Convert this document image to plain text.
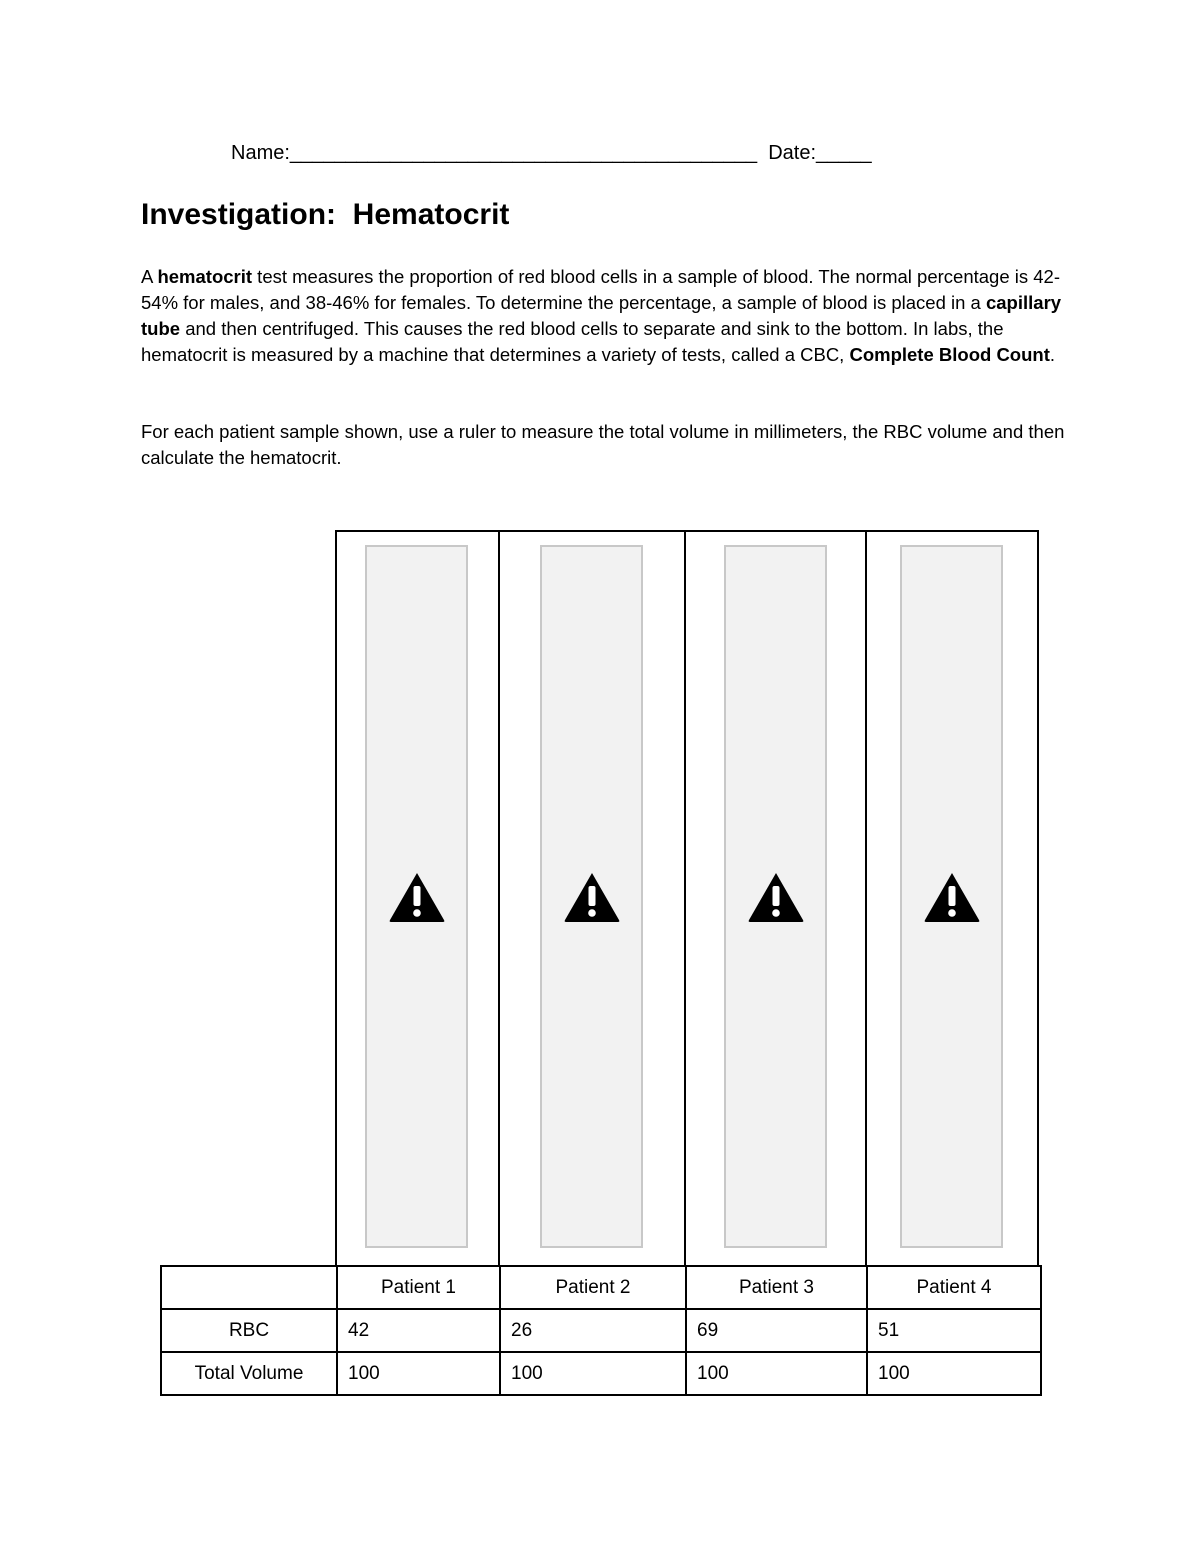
Name:__________________________________________ Date:_____
Investigation:  Hematocrit

A hematocrit test measures the proportion of red blood cells in a sample of blood. The normal percentage is 42-54% for males, and 38-46% for females. To determine the percentage, a sample of blood is placed in a capillary tube and then centrifuged. This causes the red blood cells to separate and sink to the bottom. In labs, the hematocrit is measured by a machine that determines a variety of tests, called a CBC, Complete Blood Count.

For each patient sample shown, use a ruler to measure the total volume in millimeters, the RBC volume and then calculate the hematocrit.

	Patient 1	Patient 2	Patient 3	Patient 4
RBC	42	26	69	51
Total Volume	100	100	100	100
